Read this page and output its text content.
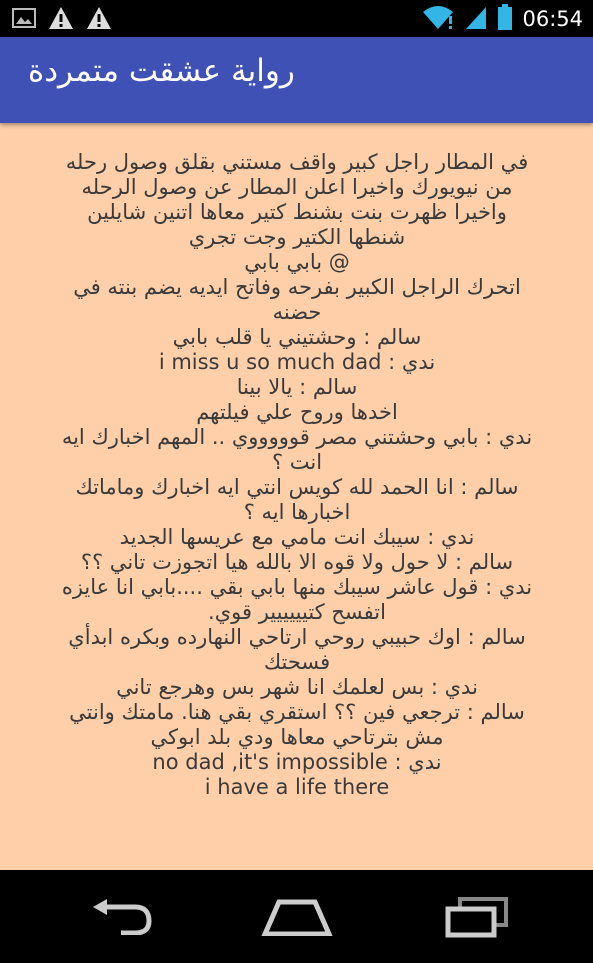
06:54
رواية عشقت متمردة
في المطار راجل كبير واقف مستني بقلق وصول رحله
من نيويورك واخيرا اعلن المطار عن وصول الرحله
واخيرا ظهرت بنت بشنط كتير معاها اتنين شايلين
شنطها الكتير وجت تجري
@ بابي بابي
اتحرك الراجل الكبير بفرحه وفاتح ايديه يضم بنته في
حضنه
سالم : وحشتيني يا قلب بابي
ندي : i miss u so much dad
سالم : يالا بينا
اخدها وروح علي فيلتهم
ندي : بابي وحشتني مصر قوووووي .. المهم اخبارك ايه
انت ؟
سالم : انا الحمد لله كويس انتي ايه اخبارك وماماتك
اخبارها ايه ؟
ندي : سيبك انت مامي مع عريسها الجديد
سالم : لا حول ولا قوه الا بالله هيا اتجوزت تاني ؟؟
ندي : قول عاشر سيبك منها بابي بقي ....بابي انا عايزه
اتفسح كتيييييير قوي.
سالم : اوك حبيبي روحي ارتاحي النهارده وبكره ابدأي
فسحتك
ندي : بس لعلمك انا شهر بس وهرجع تاني
سالم : ترجعي فين ؟؟ استقري بقي هنا. مامتك وانتي
مش بترتاحي معاها ودي بلد ابوكي
ندي : no dad ,it's impossible
i have a life there
